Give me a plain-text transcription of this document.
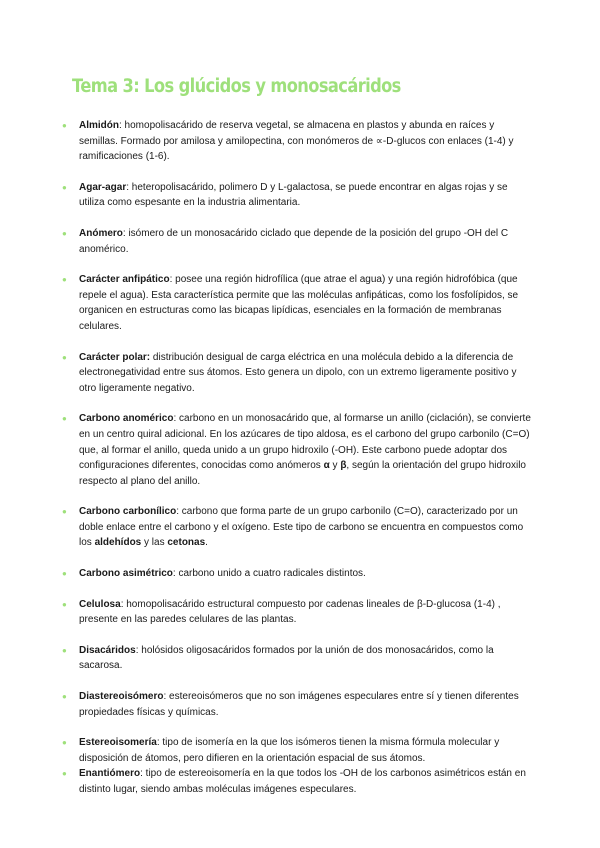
Tema 3: Los glúcidos y monosacáridos
● Almidón: homopolisacárido de reserva vegetal, se almacena en plastos y abunda en raíces y semillas. Formado por amilosa y amilopectina, con monómeros de ∝-D-glucos con enlaces (1-4) y ramificaciones (1-6).
● Agar-agar: heteropolisacárido, polimero D y L-galactosa, se puede encontrar en algas rojas y se utiliza como espesante en la industria alimentaria.
● Anómero: isómero de un monosacárido ciclado que depende de la posición del grupo -OH del C anomérico.
● Carácter anfipático: posee una región hidrofílica (que atrae el agua) y una región hidrofóbica (que repele el agua). Esta característica permite que las moléculas anfipáticas, como los fosfolípidos, se organicen en estructuras como las bicapas lipídicas, esenciales en la formación de membranas celulares.
● Carácter polar: distribución desigual de carga eléctrica en una molécula debido a la diferencia de electronegatividad entre sus átomos. Esto genera un dipolo, con un extremo ligeramente positivo y otro ligeramente negativo.
● Carbono anomérico: carbono en un monosacárido que, al formarse un anillo (ciclación), se convierte en un centro quiral adicional. En los azúcares de tipo aldosa, es el carbono del grupo carbonilo (C=O) que, al formar el anillo, queda unido a un grupo hidroxilo (-OH). Este carbono puede adoptar dos configuraciones diferentes, conocidas como anómeros α y β, según la orientación del grupo hidroxilo respecto al plano del anillo.
● Carbono carbonílico: carbono que forma parte de un grupo carbonilo (C=O), caracterizado por un doble enlace entre el carbono y el oxígeno. Este tipo de carbono se encuentra en compuestos como los aldehídos y las cetonas.
● Carbono asimétrico: carbono unido a cuatro radicales distintos.
● Celulosa: homopolisacárido estructural compuesto por cadenas lineales de β-D-glucosa (1-4) , presente en las paredes celulares de las plantas.
● Disacáridos: holósidos oligosacáridos formados por la unión de dos monosacáridos, como la sacarosa.
● Diastereoisómero: estereoisómeros que no son imágenes especulares entre sí y tienen diferentes propiedades físicas y químicas.
● Estereoisomería: tipo de isomería en la que los isómeros tienen la misma fórmula molecular y disposición de átomos, pero difieren en la orientación espacial de sus átomos.
● Enantiómero: tipo de estereoisomería en la que todos los -OH de los carbonos asimétricos están en distinto lugar, siendo ambas moléculas imágenes especulares.
